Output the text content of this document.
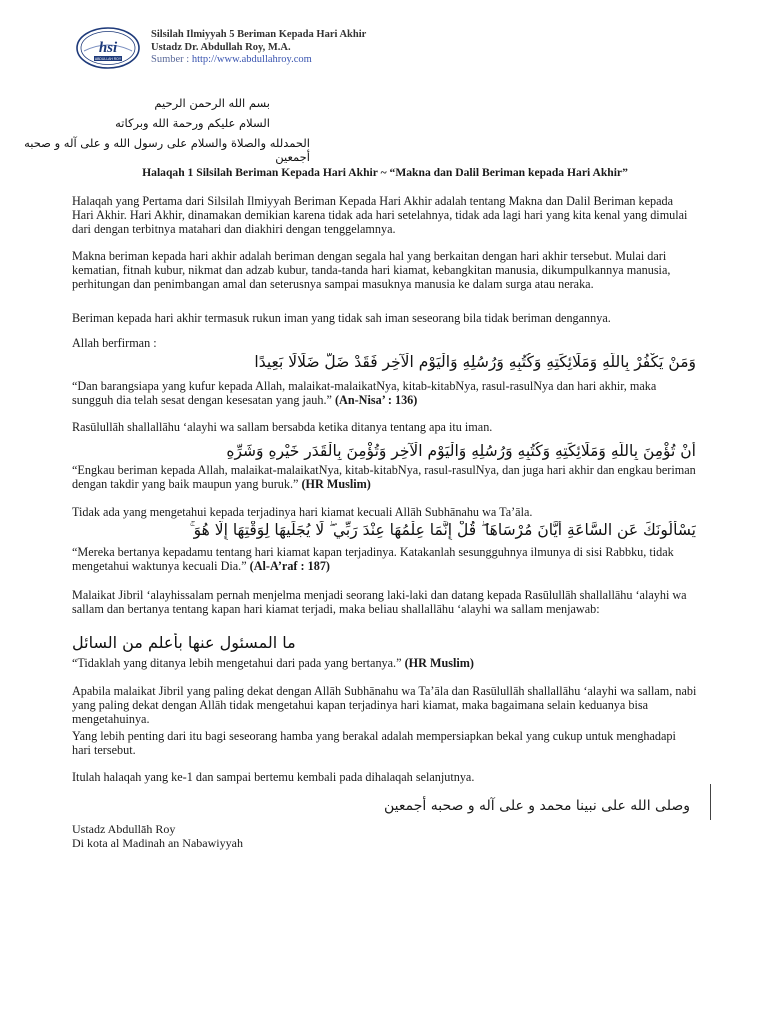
hsi
ABDULLAH ROY
Silsilah Ilmiyyah 5 Beriman Kepada Hari Akhir
Ustadz Dr. Abdullah Roy, M.A.
Sumber : http://www.abdullahroy.com
بسم الله الرحمن الرحيم
السلام عليكم ورحمة الله وبركاته
الحمدلله والصلاة والسلام على رسول الله و على آله و صحبه أجمعين
Halaqah 1 Silsilah Beriman Kepada Hari Akhir ~ “Makna dan Dalil Beriman kepada Hari Akhir”
Halaqah yang Pertama dari Silsilah Ilmiyyah Beriman Kepada Hari Akhir adalah tentang Makna dan Dalil Beriman kepada Hari Akhir. Hari Akhir, dinamakan demikian karena tidak ada hari setelahnya, tidak ada lagi hari yang kita kenal yang dimulai dari dengan terbitnya matahari dan diakhiri dengan tenggelamnya.
Makna beriman kepada hari akhir adalah beriman dengan segala hal yang berkaitan dengan hari akhir tersebut. Mulai dari kematian, fitnah kubur, nikmat dan adzab kubur, tanda-tanda hari kiamat, kebangkitan manusia, dikumpulkannya manusia, perhitungan dan penimbangan amal dan seterusnya sampai masuknya manusia ke dalam surga atau neraka.
Beriman kepada hari akhir termasuk rukun iman yang tidak sah iman seseorang bila tidak beriman dengannya.
Allah berfirman :
وَمَنْ يَكْفُرْ بِاللَّهِ وَمَلَائِكَتِهِ وَكُتُبِهِ وَرُسُلِهِ وَالْيَوْمِ الْآخِرِ فَقَدْ ضَلَّ ضَلَالًا بَعِيدًا
“Dan barangsiapa yang kufur kepada Allah, malaikat-malaikatNya, kitab-kitabNya, rasul-rasulNya dan hari akhir, maka sungguh dia telah sesat dengan kesesatan yang jauh.” (An-Nisa’ : 136)
Rasūlullāh shallallāhu ‘alayhi wa sallam bersabda ketika ditanya tentang apa itu iman.
أَنْ تُؤْمِنَ بِاللَّهِ وَمَلَائِكَتِهِ وَكُتُبِهِ وَرُسُلِهِ وَالْيَوْمِ الْآخِرِ وَتُؤْمِنَ بِالْقَدَرِ خَيْرِهِ وَشَرِّهِ
“Engkau beriman kepada Allah, malaikat-malaikatNya, kitab-kitabNya, rasul-rasulNya, dan juga hari akhir dan engkau beriman dengan takdir yang baik maupun yang buruk.” (HR Muslim)
Tidak ada yang mengetahui kepada terjadinya hari kiamat kecuali Allāh Subhānahu wa Ta’āla.
يَسْأَلُونَكَ عَنِ السَّاعَةِ أَيَّانَ مُرْسَاهَا ۖ قُلْ إِنَّمَا عِلْمُهَا عِنْدَ رَبِّي ۖ لَا يُجَلِّيهَا لِوَقْتِهَا إِلَّا هُوَ ۚ
“Mereka bertanya kepadamu tentang hari kiamat kapan terjadinya. Katakanlah sesungguhnya ilmunya di sisi Rabbku, tidak mengetahui waktunya kecuali Dia.” (Al-A’raf : 187)
Malaikat Jibril ‘alayhissalam pernah menjelma menjadi seorang laki-laki dan datang kepada Rasūlullāh shallallāhu ‘alayhi wa sallam dan bertanya tentang kapan hari kiamat terjadi, maka beliau shallallāhu ‘alayhi wa sallam menjawab:
ما المسئول عنها بأعلم من السائل
“Tidaklah yang ditanya lebih mengetahui dari pada yang bertanya.” (HR Muslim)
Apabila malaikat Jibril yang paling dekat dengan Allāh Subhānahu wa Ta’āla dan Rasūlullāh shallallāhu ‘alayhi wa sallam, nabi yang paling dekat dengan Allāh tidak mengetahui kapan terjadinya hari kiamat, maka bagaimana selain keduanya bisa mengetahuinya.
Yang lebih penting dari itu bagi seseorang hamba yang berakal adalah mempersiapkan bekal yang cukup untuk menghadapi hari tersebut.
Itulah halaqah yang ke-1 dan sampai bertemu kembali pada dihalaqah selanjutnya.
وصلى الله على نبينا محمد و على آله و صحبه أجمعين
Ustadz Abdullāh Roy
Di kota al Madinah an Nabawiyyah
